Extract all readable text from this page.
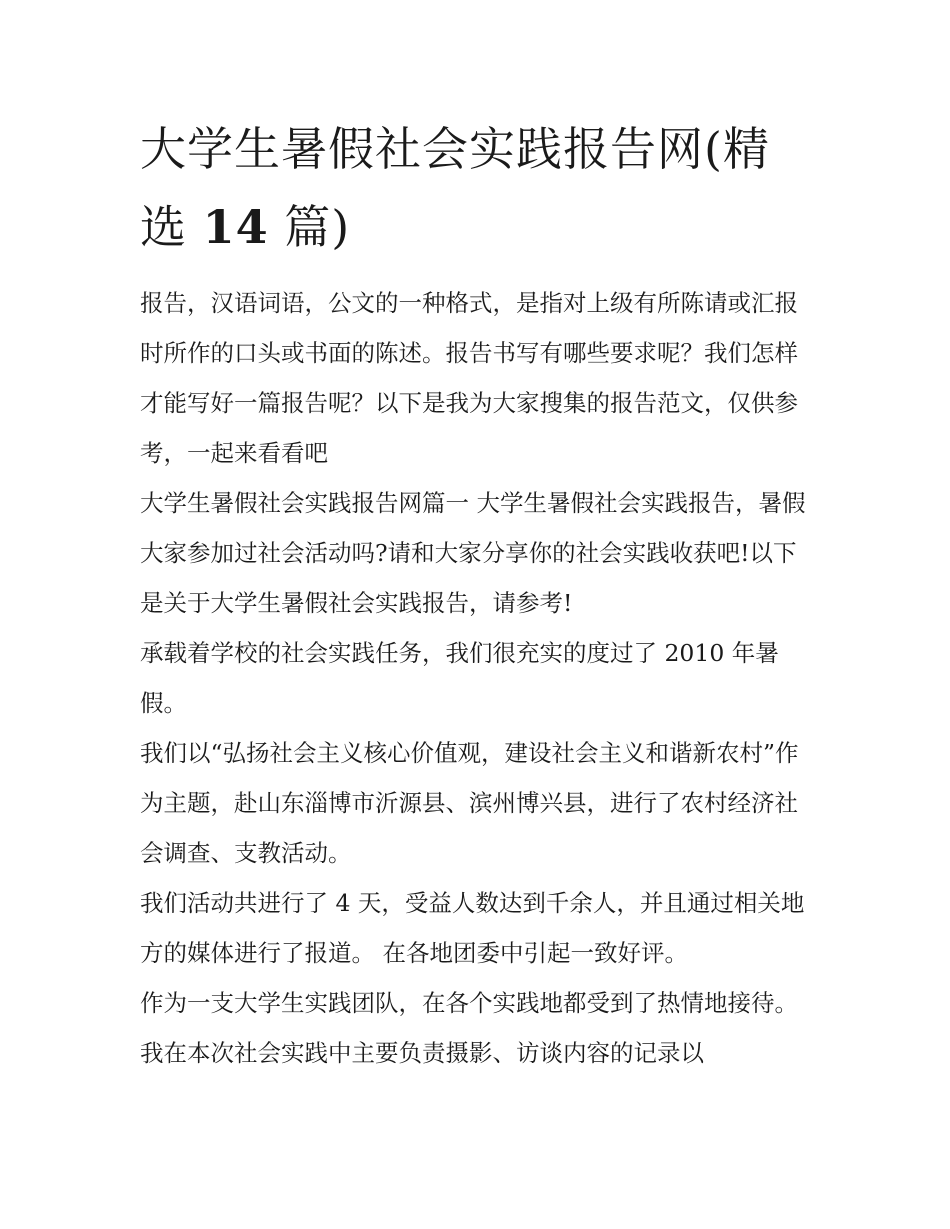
大学生暑假社会实践报告网(精选 14 篇)

报告，汉语词语，公文的一种格式，是指对上级有所陈请或汇报时所作的口头或书面的陈述。报告书写有哪些要求呢？我们怎样才能写好一篇报告呢？以下是我为大家搜集的报告范文，仅供参考，一起来看看吧

大学生暑假社会实践报告网篇一 大学生暑假社会实践报告，暑假大家参加过社会活动吗?请和大家分享你的社会实践收获吧!以下是关于大学生暑假社会实践报告，请参考!

承载着学校的社会实践任务，我们很充实的度过了 2010 年暑假。

我们以“弘扬社会主义核心价值观，建设社会主义和谐新农村”作为主题，赴山东淄博市沂源县、滨州博兴县，进行了农村经济社会调查、支教活动。

我们活动共进行了 4 天，受益人数达到千余人，并且通过相关地方的媒体进行了报道。 在各地团委中引起一致好评。

作为一支大学生实践团队，在各个实践地都受到了热情地接待。 我在本次社会实践中主要负责摄影、访谈内容的记录以
